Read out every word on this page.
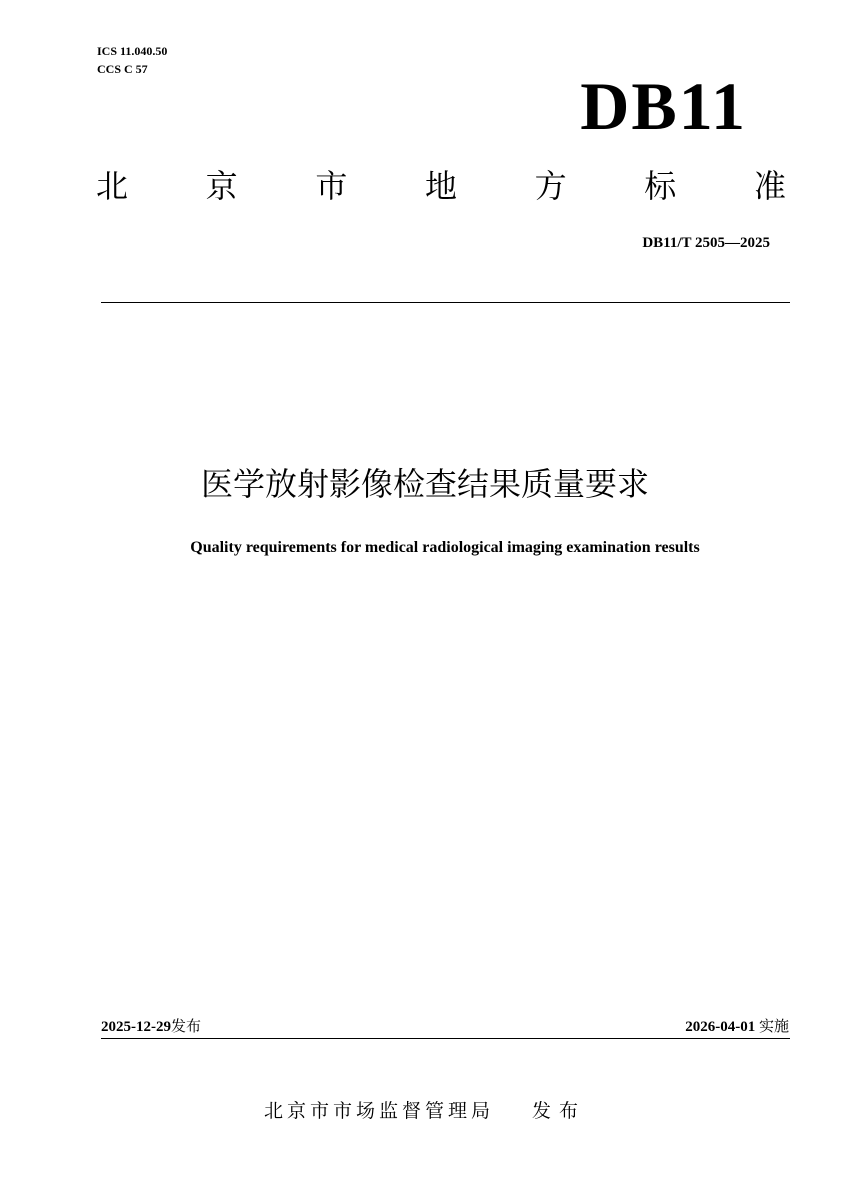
ICS 11.040.50
CCS C 57	DB11
北 京 市 地 方 标 准
DB11/T 2505—2025
医学放射影像检查结果质量要求
Quality requirements for medical radiological imaging examination results
2025-12-29发布	2026-04-01 实施
北京市市场监督管理局 发布
